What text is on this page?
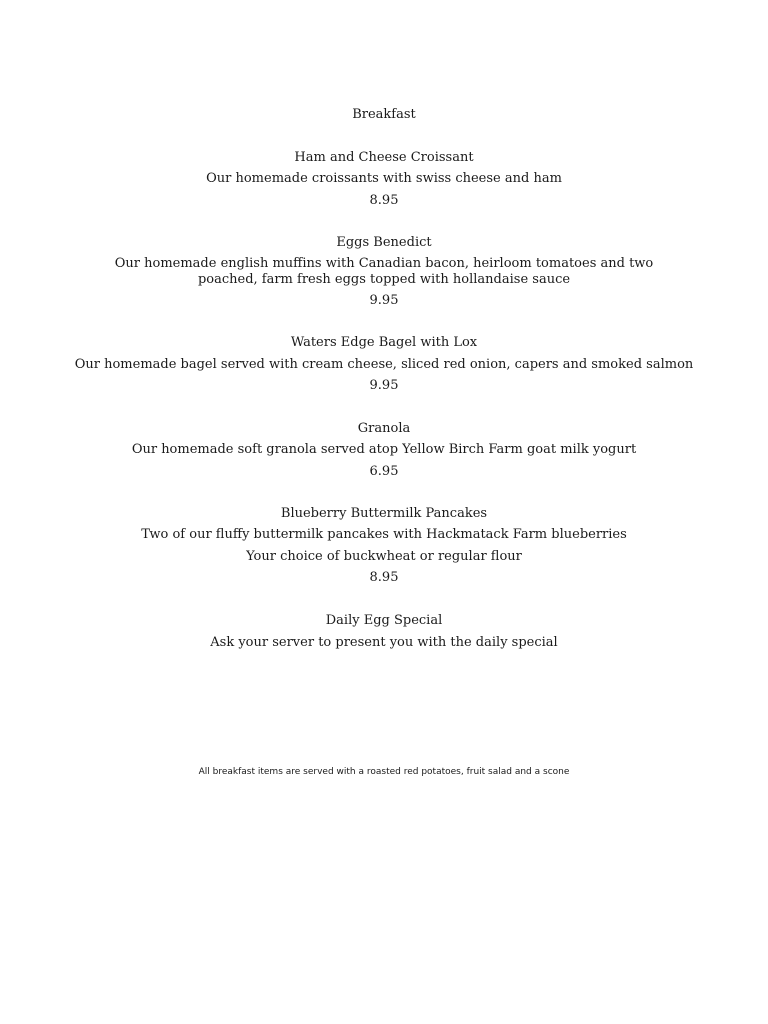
Breakfast
Ham and Cheese Croissant
Our homemade croissants with swiss cheese and ham
8.95
Eggs Benedict
Our homemade english muffins with Canadian bacon, heirloom tomatoes and two poached, farm fresh eggs topped with hollandaise sauce
9.95
Waters Edge Bagel with Lox
Our homemade bagel served with cream cheese, sliced red onion, capers and smoked salmon
9.95
Granola
Our homemade soft granola served atop Yellow Birch Farm goat milk yogurt
6.95
Blueberry Buttermilk Pancakes
Two of our fluffy buttermilk pancakes with Hackmatack Farm blueberries
Your choice of buckwheat or regular flour
8.95
Daily Egg Special
Ask your server to present you with the daily special
All breakfast items are served with a roasted red potatoes, fruit salad and a scone
